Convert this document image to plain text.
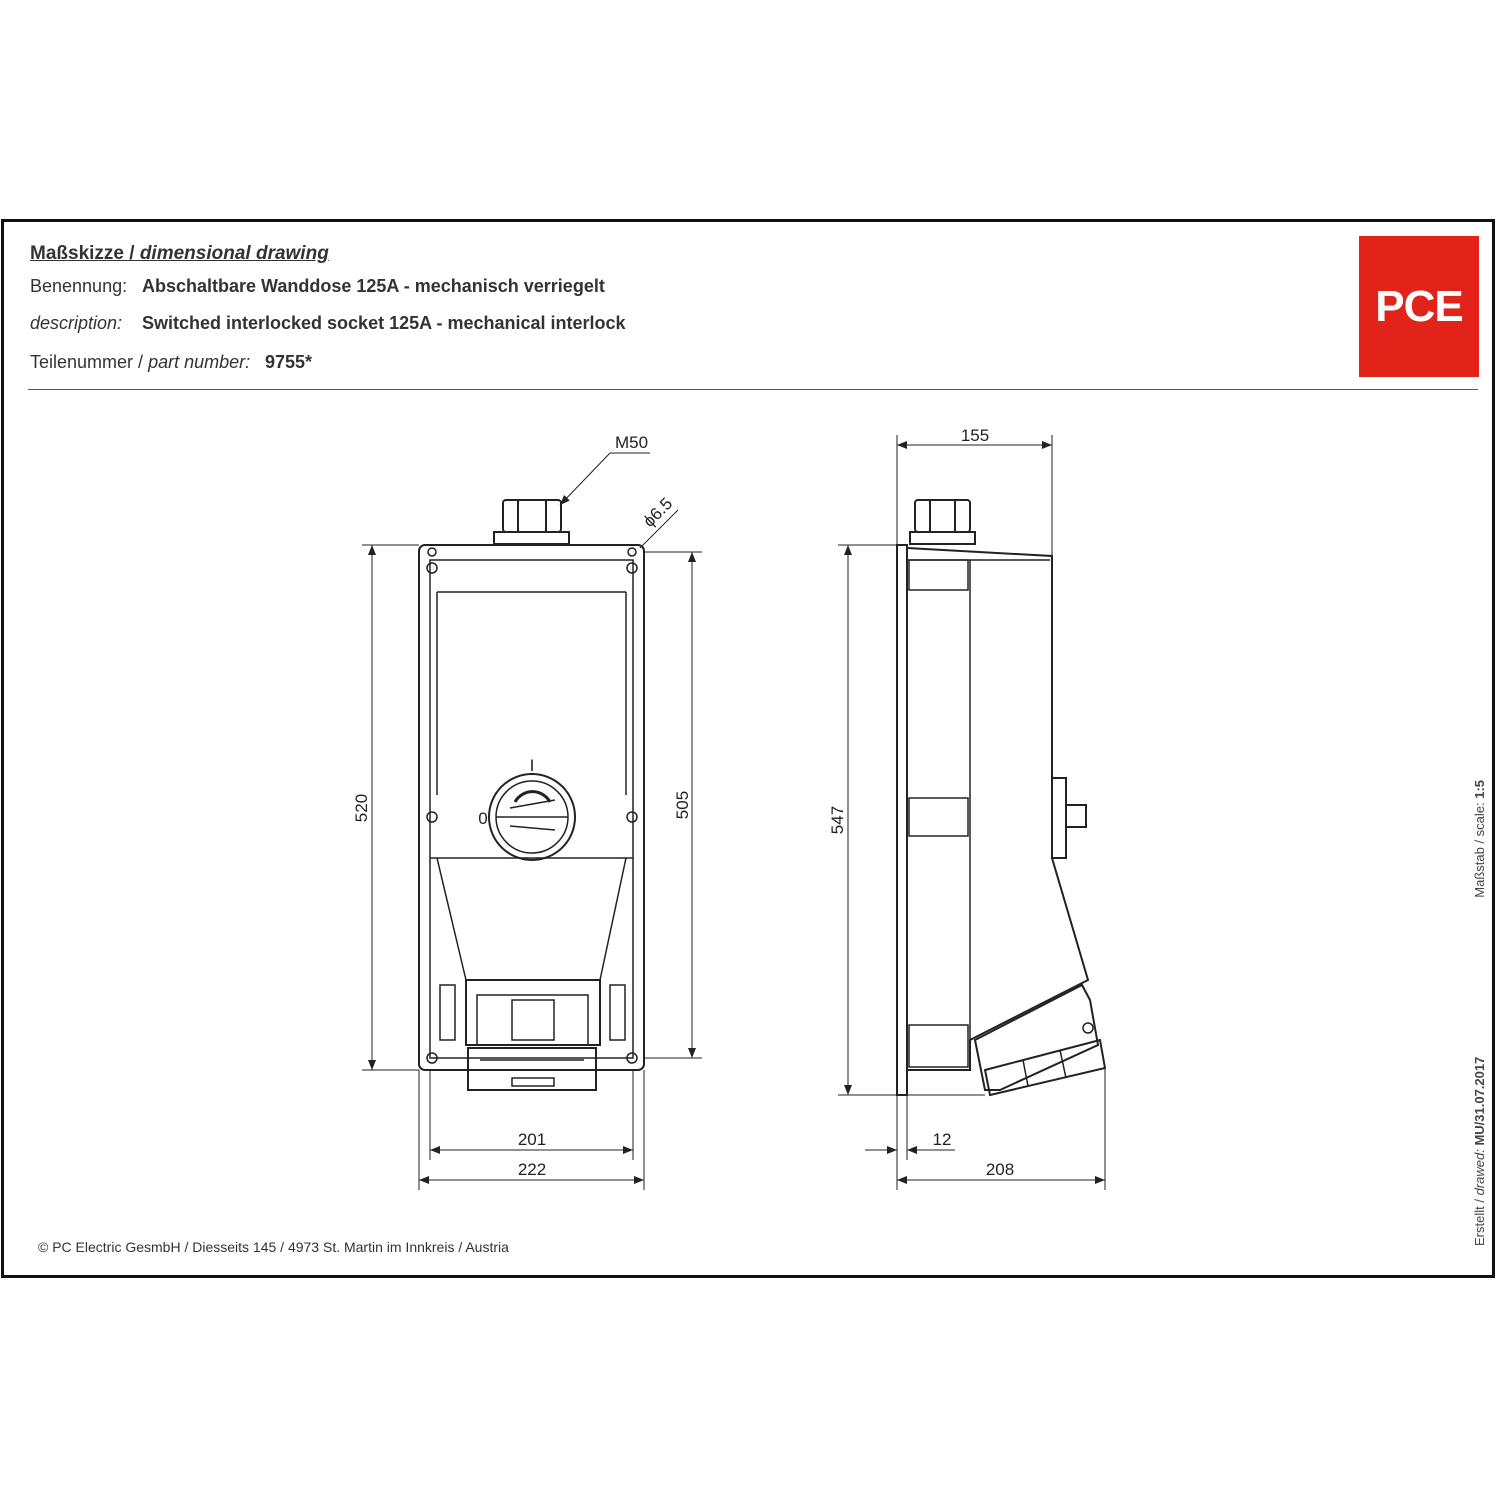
Maßskizze / dimensional drawing
Benennung: Abschaltbare Wanddose 125A - mechanisch verriegelt
description: Switched interlocked socket 125A - mechanical interlock
Teilenummer / part number: 9755*
PCE
M50
ϕ6.5
520	505
201
222
I
0
155
547
12
208
© PC Electric GesmbH / Diesseits 145 / 4973 St. Martin im Innkreis / Austria
Erstellt / drawed: MU/31.07.2017                                            Maßstab / scale: 1:5
